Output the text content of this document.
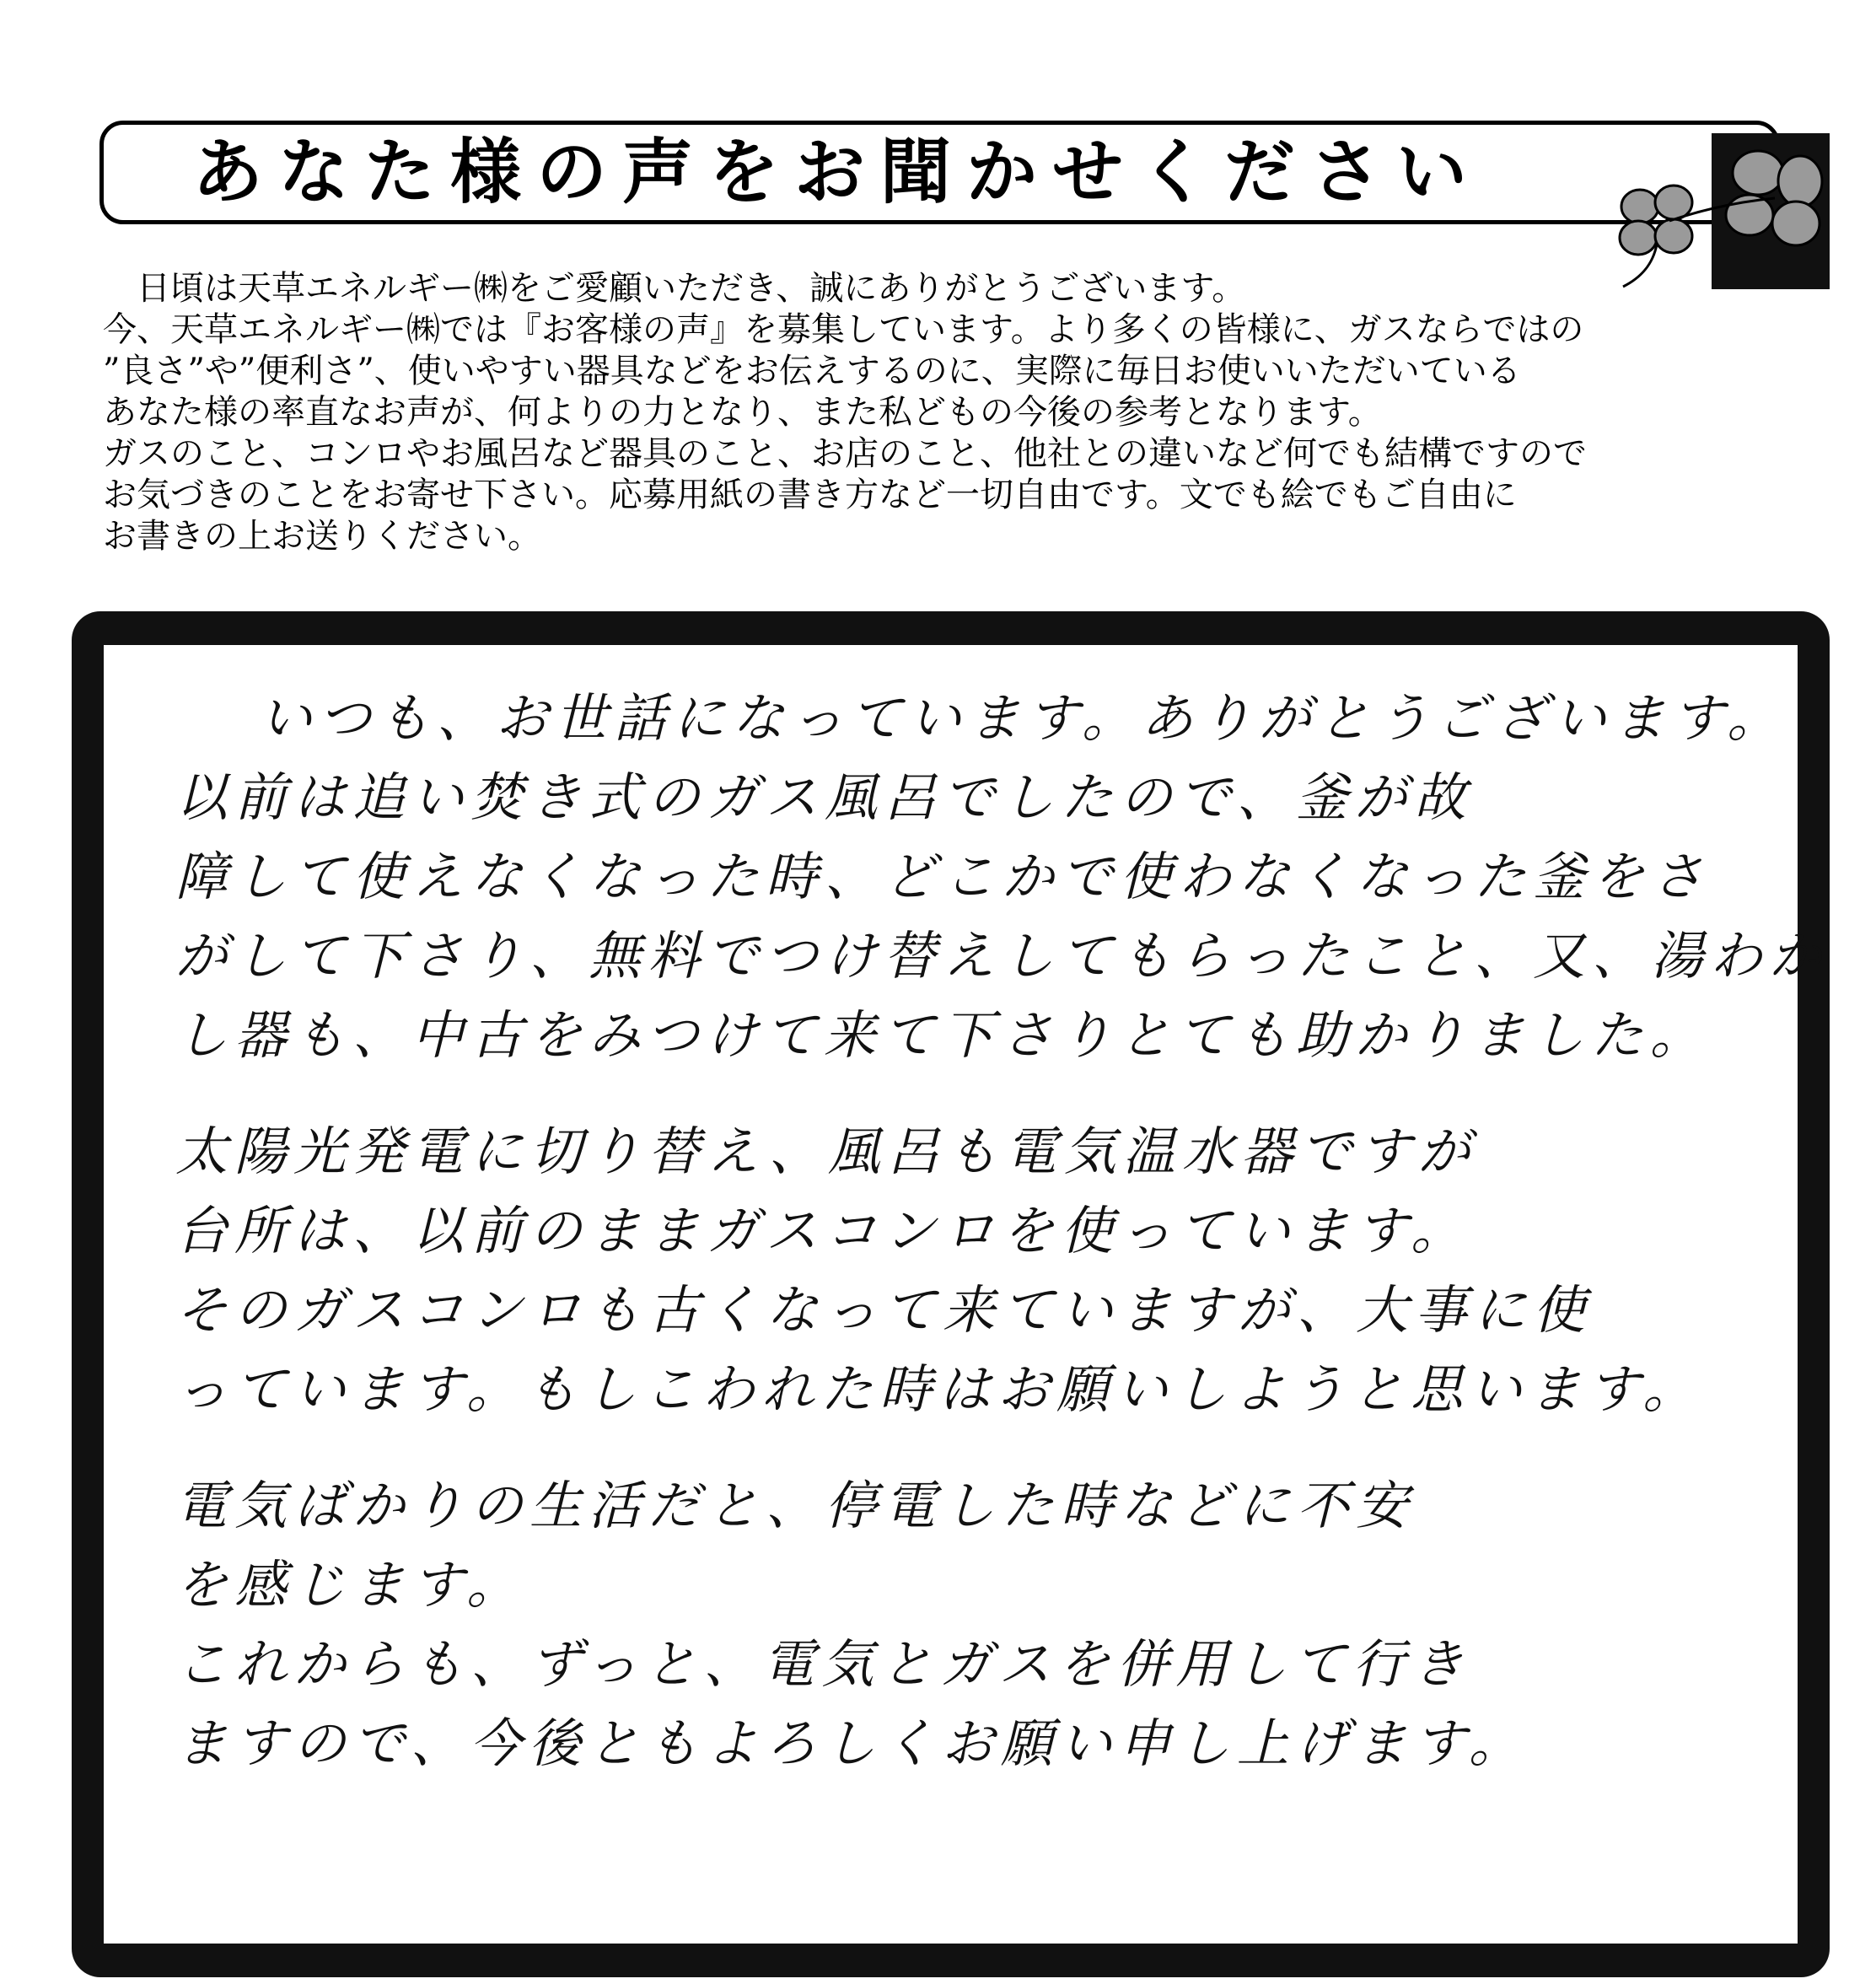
あなた様の声をお聞かせください

日頃は天草エネルギー㈱をご愛顧いただき、誠にありがとうございます。

今、天草エネルギー㈱では『お客様の声』を募集しています。より多くの皆様に、ガスならではの

”良さ”や”便利さ”、使いやすい器具などをお伝えするのに、実際に毎日お使いいただいている

あなた様の率直なお声が、何よりの力となり、また私どもの今後の参考となります。

ガスのこと、コンロやお風呂など器具のこと、お店のこと、他社との違いなど何でも結構ですので

お気づきのことをお寄せ下さい。応募用紙の書き方など一切自由です。文でも絵でもご自由に

お書きの上お送りください。

いつも、お世話になっています。ありがとうございます。
以前は追い焚き式のガス風呂でしたので、釜が故
障して使えなくなった時、どこかで使わなくなった釜をさ
がして下さり、無料でつけ替えしてもらったこと、又、湯わか
し器も、中古をみつけて来て下さりとても助かりました。
太陽光発電に切り替え、風呂も電気温水器ですが
台所は、以前のままガスコンロを使っています。
そのガスコンロも古くなって来ていますが、大事に使
っています。もしこわれた時はお願いしようと思います。
電気ばかりの生活だと、停電した時などに不安
を感じます。
これからも、ずっと、電気とガスを併用して行き
ますので、今後ともよろしくお願い申し上げます。
